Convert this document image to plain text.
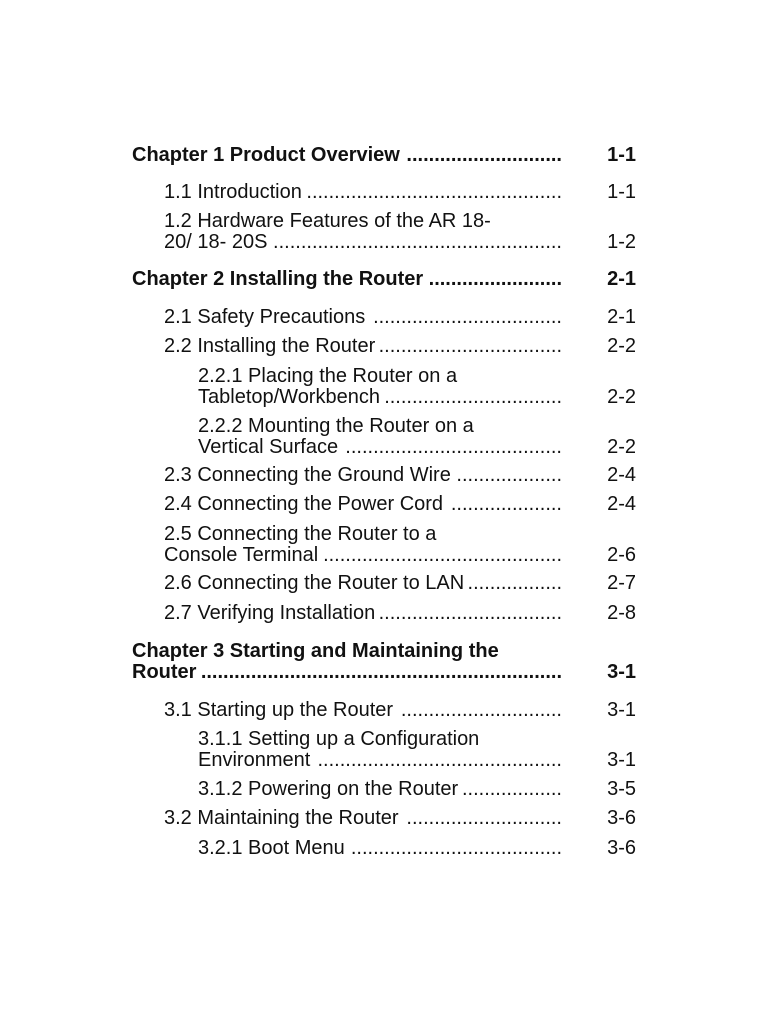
Chapter 1 Product Overview ............................ 1-1
1.1 Introduction .............................................. 1-1
1.2 Hardware Features of the AR 18-
20/ 18- 20S .................................................... 1-2
Chapter 2 Installing the Router ........................ 2-1
2.1 Safety Precautions .................................. 2-1
2.2 Installing the Router ................................. 2-2
2.2.1 Placing the Router on a
Tabletop/Workbench ................................ 2-2
2.2.2 Mounting the Router on a
Vertical Surface ....................................... 2-2
2.3 Connecting the Ground Wire ................... 2-4
2.4 Connecting the Power Cord .................... 2-4
2.5 Connecting the Router to a
Console Terminal ........................................... 2-6
2.6 Connecting the Router to LAN ................. 2-7
2.7 Verifying Installation ................................. 2-8
Chapter 3 Starting and Maintaining the
Router ................................................................. 3-1
3.1 Starting up the Router ............................. 3-1
3.1.1 Setting up a Configuration
Environment ............................................ 3-1
3.1.2 Powering on the Router .................. 3-5
3.2 Maintaining the Router ............................ 3-6
3.2.1 Boot Menu ...................................... 3-6
